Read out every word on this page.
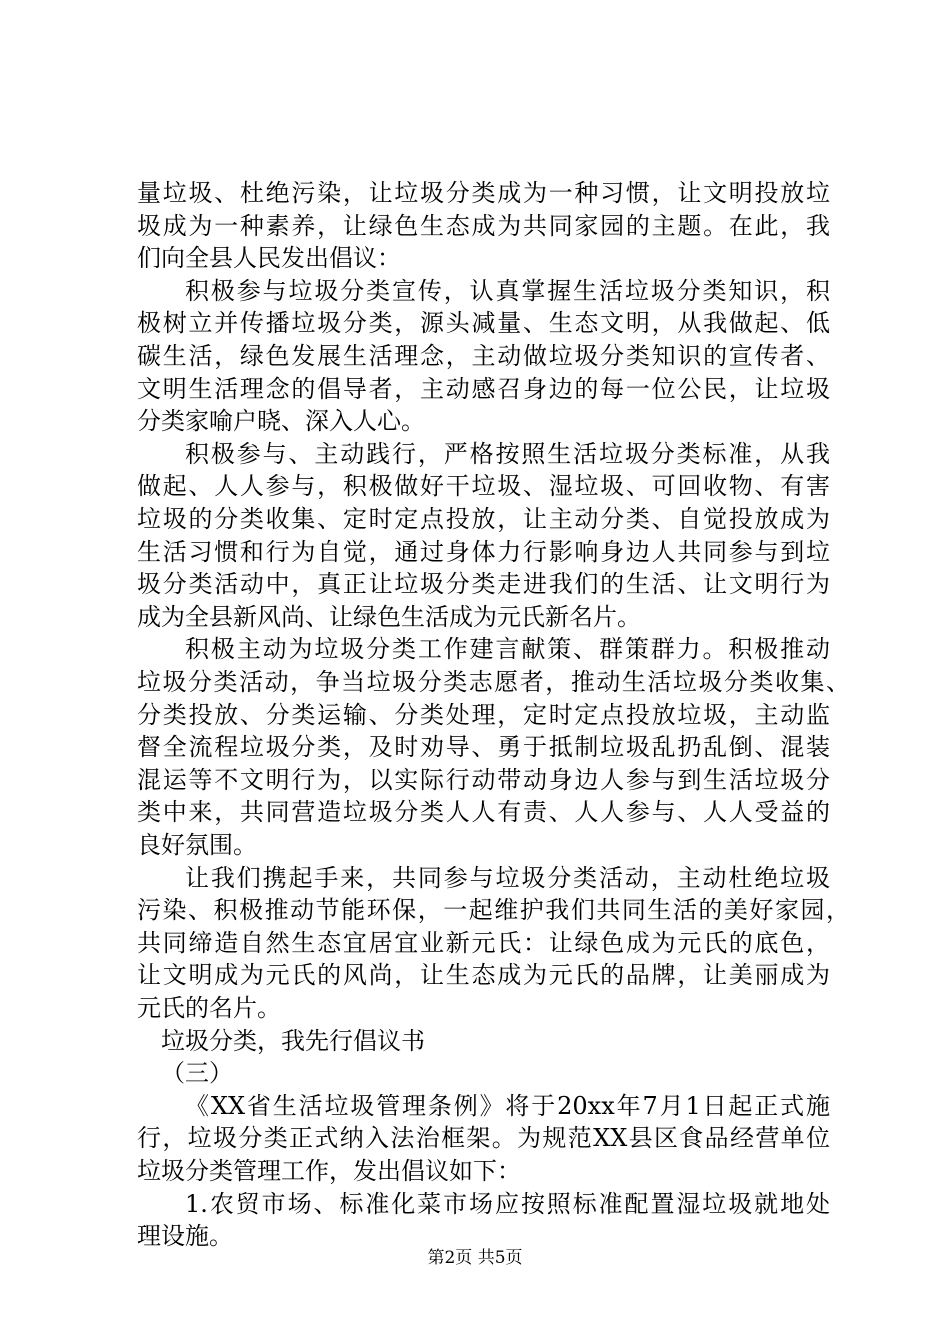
量垃圾、杜绝污染，让垃圾分类成为一种习惯，让文明投放垃
圾成为一种素养，让绿色生态成为共同家园的主题。在此，我
们向全县人民发出倡议：
积极参与垃圾分类宣传，认真掌握生活垃圾分类知识，积
极树立并传播垃圾分类，源头减量、生态文明，从我做起、低
碳生活，绿色发展生活理念，主动做垃圾分类知识的宣传者、
文明生活理念的倡导者，主动感召身边的每一位公民，让垃圾
分类家喻户晓、深入人心。
积极参与、主动践行，严格按照生活垃圾分类标准，从我
做起、人人参与，积极做好干垃圾、湿垃圾、可回收物、有害
垃圾的分类收集、定时定点投放，让主动分类、自觉投放成为
生活习惯和行为自觉，通过身体力行影响身边人共同参与到垃
圾分类活动中，真正让垃圾分类走进我们的生活、让文明行为
成为全县新风尚、让绿色生活成为元氏新名片。
积极主动为垃圾分类工作建言献策、群策群力。积极推动
垃圾分类活动，争当垃圾分类志愿者，推动生活垃圾分类收集、
分类投放、分类运输、分类处理，定时定点投放垃圾，主动监
督全流程垃圾分类，及时劝导、勇于抵制垃圾乱扔乱倒、混装
混运等不文明行为，以实际行动带动身边人参与到生活垃圾分
类中来，共同营造垃圾分类人人有责、人人参与、人人受益的
良好氛围。
让我们携起手来，共同参与垃圾分类活动，主动杜绝垃圾
污染、积极推动节能环保，一起维护我们共同生活的美好家园，
共同缔造自然生态宜居宜业新元氏：让绿色成为元氏的底色，
让文明成为元氏的风尚，让生态成为元氏的品牌，让美丽成为
元氏的名片。
垃圾分类，我先行倡议书
（三）
《XX省生活垃圾管理条例》将于20xx年7月1日起正式施
行，垃圾分类正式纳入法治框架。为规范XX县区食品经营单位
垃圾分类管理工作，发出倡议如下：
1.农贸市场、标准化菜市场应按照标准配置湿垃圾就地处
理设施。
第2页 共5页
